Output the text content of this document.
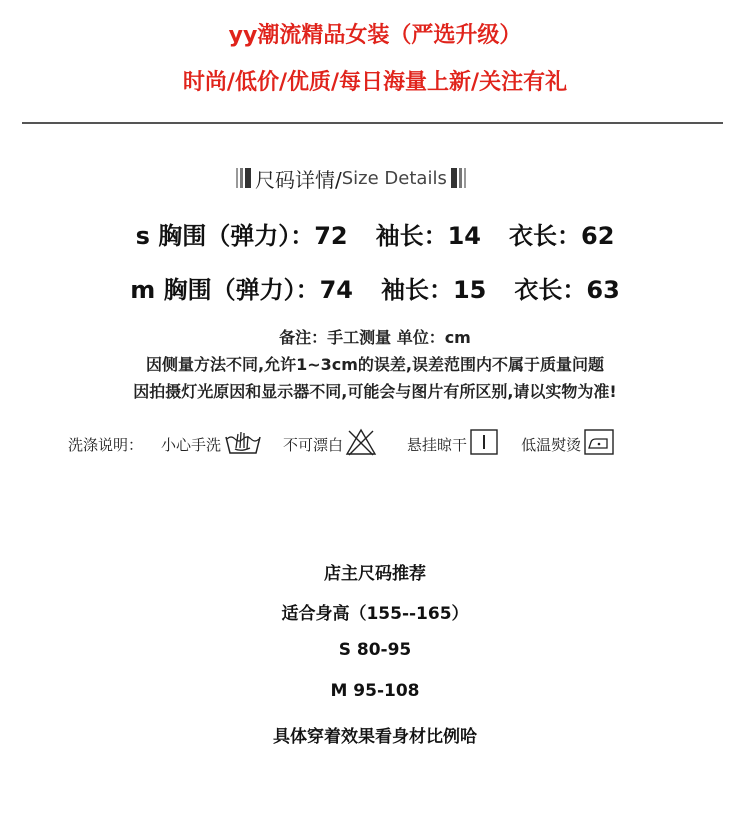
yy潮流精品女装（严选升级）
时尚/低价/优质/每日海量上新/关注有礼
尺码详情/ Size Details
s 胸围（弹力）：72 袖长：14 衣长：62
m 胸围（弹力）：74 袖长：15 衣长：63
备注：手工测量 单位：cm
因侧量方法不同,允许1~3cm的误差,误差范围内不属于质量问题
因拍摄灯光原因和显示器不同,可能会与图片有所区别,请以实物为准!
洗涤说明： 小心手洗	不可漂白	悬挂晾干	低温熨烫
店主尺码推荐
适合身高（155--165）
S 80-95
M 95-108
具体穿着效果看身材比例哈
